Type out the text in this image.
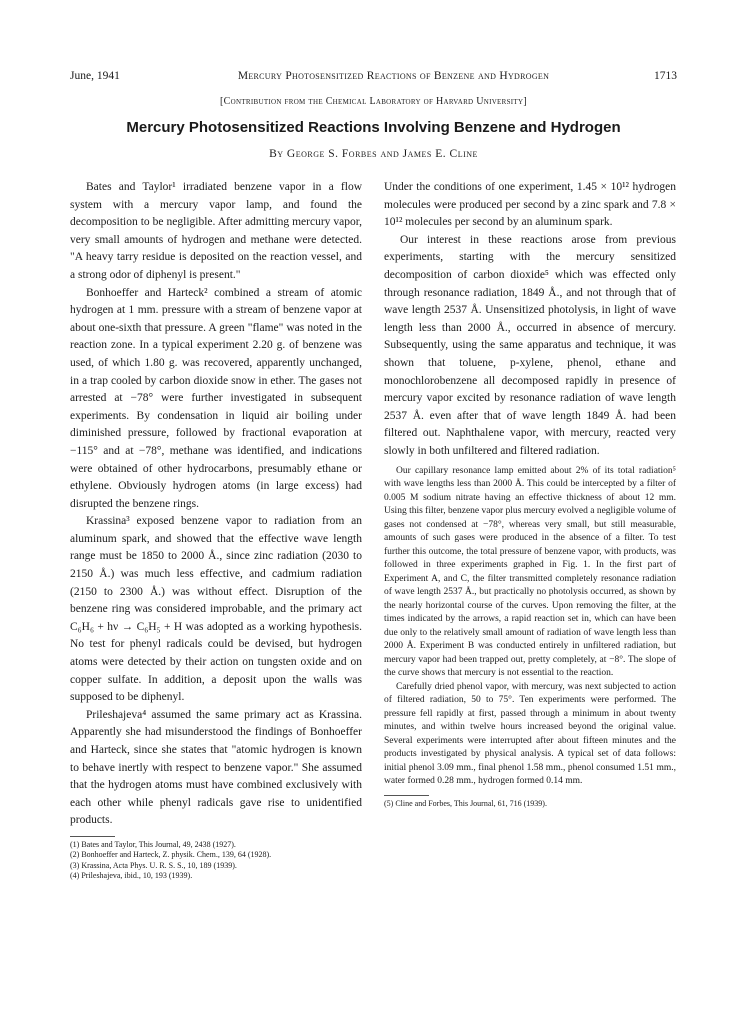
June, 1941	Mercury Photosensitized Reactions of Benzene and Hydrogen	1713
[Contribution from the Chemical Laboratory of Harvard University]
Mercury Photosensitized Reactions Involving Benzene and Hydrogen
By George S. Forbes and James E. Cline

Bates and Taylor¹ irradiated benzene vapor in a flow system with a mercury vapor lamp, and found the decomposition to be negligible. After admitting mercury vapor, very small amounts of hydrogen and methane were detected. "A heavy tarry residue is deposited on the reaction vessel, and a strong odor of diphenyl is present."

Bonhoeffer and Harteck² combined a stream of atomic hydrogen at 1 mm. pressure with a stream of benzene vapor at about one-sixth that pressure. A green "flame" was noted in the reaction zone. In a typical experiment 2.20 g. of benzene was used, of which 1.80 g. was recovered, apparently unchanged, in a trap cooled by carbon dioxide snow in ether. The gases not arrested at −78° were further investigated in subsequent experiments. By condensation in liquid air boiling under diminished pressure, followed by fractional evaporation at −115° and at −78°, methane was identified, and indications were obtained of other hydrocarbons, presumably ethane or ethylene. Obviously hydrogen atoms (in large excess) had disrupted the benzene rings.

Krassina³ exposed benzene vapor to radiation from an aluminum spark, and showed that the effective wave length range must be 1850 to 2000 Å., since zinc radiation (2030 to 2150 Å.) was much less effective, and cadmium radiation (2150 to 2300 Å.) was without effect. Disruption of the benzene ring was considered improbable, and the primary act C₆H₆ + hν → C₆H₅ + H was adopted as a working hypothesis. No test for phenyl radicals could be devised, but hydrogen atoms were detected by their action on tungsten oxide and on copper sulfate. In addition, a deposit upon the walls was supposed to be diphenyl.

Prileshajeva⁴ assumed the same primary act as Krassina. Apparently she had misunderstood the findings of Bonhoeffer and Harteck, since she states that "atomic hydrogen is known to behave inertly with respect to benzene vapor." She assumed that the hydrogen atoms must have combined exclusively with each other while phenyl radicals gave rise to unidentified products.

(1) Bates and Taylor, This Journal, 49, 2438 (1927).

(2) Bonhoeffer and Harteck, Z. physik. Chem., 139, 64 (1928).

(3) Krassina, Acta Phys. U. R. S. S., 10, 189 (1939).

(4) Prileshajeva, ibid., 10, 193 (1939).

Under the conditions of one experiment, 1.45 × 10¹² hydrogen molecules were produced per second by a zinc spark and 7.8 × 10¹² molecules per second by an aluminum spark.

Our interest in these reactions arose from previous experiments, starting with the mercury sensitized decomposition of carbon dioxide⁵ which was effected only through resonance radiation, 1849 Å., and not through that of wave length 2537 Å. Unsensitized photolysis, in light of wave length less than 2000 Å., occurred in absence of mercury. Subsequently, using the same apparatus and technique, it was shown that toluene, p-xylene, phenol, ethane and monochlorobenzene all decomposed rapidly in presence of mercury vapor excited by resonance radiation of wave length 2537 Å. even after that of wave length 1849 Å. had been filtered out. Naphthalene vapor, with mercury, reacted very slowly in both unfiltered and filtered radiation.

Our capillary resonance lamp emitted about 2% of its total radiation⁵ with wave lengths less than 2000 Å. This could be intercepted by a filter of 0.005 M sodium nitrate having an effective thickness of about 12 mm. Using this filter, benzene vapor plus mercury evolved a negligible volume of gases not condensed at −78°, whereas very small, but still measurable, amounts of such gases were produced in the absence of a filter. To test further this outcome, the total pressure of benzene vapor, with products, was followed in three experiments graphed in Fig. 1. In the first part of Experiment A, and C, the filter transmitted completely resonance radiation of wave length 2537 Å., but practically no photolysis occurred, as shown by the nearly horizontal course of the curves. Upon removing the filter, at the times indicated by the arrows, a rapid reaction set in, which can have been due only to the relatively small amount of radiation of wave length less than 2000 Å. Experiment B was conducted entirely in unfiltered radiation, but mercury vapor had been trapped out, pretty completely, at −8°. The slope of the curve shows that mercury is not essential to the reaction.

Carefully dried phenol vapor, with mercury, was next subjected to action of filtered radiation, 50 to 75°. Ten experiments were performed. The pressure fell rapidly at first, passed through a minimum in about twenty minutes, and within twelve hours increased beyond the original value. Several experiments were interrupted after about fifteen minutes and the products investigated by physical analysis. A typical set of data follows: initial phenol 3.09 mm., final phenol 1.58 mm., phenol consumed 1.51 mm., water formed 0.28 mm., hydrogen formed 0.14 mm.

(5) Cline and Forbes, This Journal, 61, 716 (1939).
